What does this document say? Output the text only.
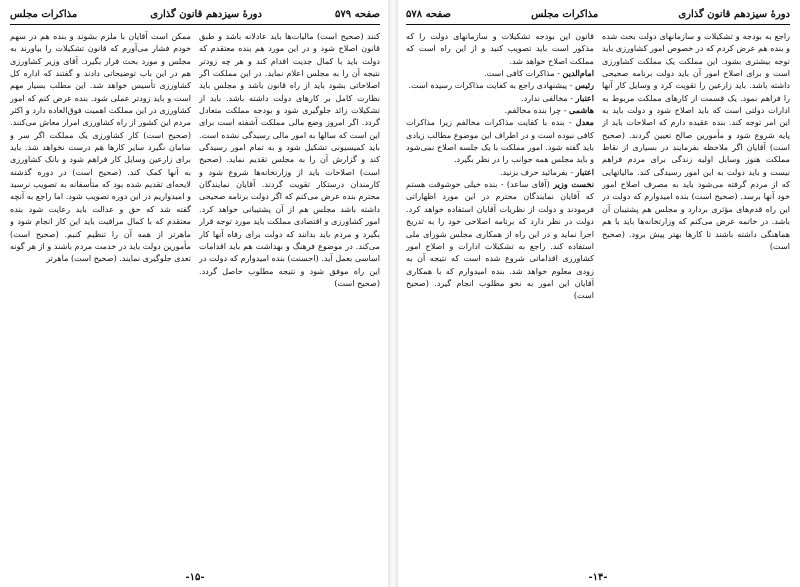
صفحه ۵۷۹
دورهٔ سیزدهم قانون گذاری
مذاکرات مجلس

کنند (صحیح است) مالیات‌ها باید عادلانه باشد و طبق قانون اصلاح شود و در این مورد هم بنده معتقدم که دولت باید با کمال جدیت اقدام کند و هر چه زودتر نتیجه آن را به مجلس اعلام نماید. در این مملکت اگر اصلاحاتی بشود باید از راه قانون باشد و مجلس باید نظارت کامل بر کارهای دولت داشته باشد. باید از تشکیلات زائد جلوگیری شود و بودجه مملکت متعادل گردد. اگر امروز وضع مالی مملکت آشفته است برای این است که سالها به امور مالی رسیدگی نشده است. باید کمیسیونی تشکیل شود و به تمام امور رسیدگی کند و گزارش آن را به مجلس تقدیم نماید. (صحیح است) اصلاحات باید از وزارتخانه‌ها شروع شود و کارمندان درستکار تقویت گردند. آقایان نمایندگان محترم بنده عرض می‌کنم که اگر دولت برنامه صحیحی داشته باشد مجلس هم از آن پشتیبانی خواهد کرد. امور کشاورزی و اقتصادی مملکت باید مورد توجه قرار بگیرد و مردم باید بدانند که دولت برای رفاه آنها کار می‌کند. در موضوع فرهنگ و بهداشت هم باید اقدامات اساسی بعمل آید. (احسنت) بنده امیدوارم که دولت در این راه موفق شود و نتیجه مطلوب حاصل گردد. (صحیح است)

ممکن است آقایان با ملزم بشوند و بنده هم در سهم خودم فشار می‌آورم که قانون تشکیلات را بیاورند به مجلس و مورد بحث قرار بگیرد. آقای وزیر کشاورزی هم در این باب توضیحاتی دادند و گفتند که اداره کل کشاورزی تأسیس خواهد شد. این مطلب بسیار مهم است و باید زودتر عملی شود. بنده عرض کنم که امور کشاورزی در این مملکت اهمیت فوق‌العاده دارد و اکثر مردم این کشور از راه کشاورزی امرار معاش می‌کنند. (صحیح است) کار کشاورزی یک مملکت اگر سر و سامان نگیرد سایر کارها هم درست نخواهد شد. باید برای زارعین وسایل کار فراهم شود و بانک کشاورزی به آنها کمک کند. (صحیح است) در دوره گذشته لایحه‌ای تقدیم شده بود که متأسفانه به تصویب نرسید و امیدواریم در این دوره تصویب شود. اما راجع به آنچه گفته شد که حق و عدالت باید رعایت شود بنده معتقدم که با کمال مراقبت باید این کار انجام شود و ماهرتر از همه آن را تنظیم کنیم. (صحیح است) مأمورین دولت باید در خدمت مردم باشند و از هر گونه تعدی جلوگیری نمایند. (صحیح است) ماهرتر

-۱۵-
دورهٔ سیزدهم قانون گذاری
مذاکرات مجلس
صفحه ۵۷۸

راجع به بودجه و تشکیلات و سازمانهای دولت بحث شده و بنده هم عرض کردم که در خصوص امور کشاورزی باید توجه بیشتری بشود. این مملکت یک مملکت کشاورزی است و برای اصلاح امور آن باید دولت برنامه صحیحی داشته باشد. باید زارعین را تقویت کرد و وسایل کار آنها را فراهم نمود. یک قسمت از کارهای مملکت مربوط به ادارات دولتی است که باید اصلاح شود و دولت باید به این امر توجه کند. بنده عقیده دارم که اصلاحات باید از پایه شروع شود و مأمورین صالح تعیین گردند. (صحیح است) آقایان اگر ملاحظه بفرمایند در بسیاری از نقاط مملکت هنوز وسایل اولیه زندگی برای مردم فراهم نیست و باید دولت به این امور رسیدگی کند. مالیاتهایی که از مردم گرفته می‌شود باید به مصرف اصلاح امور خود آنها برسد. (صحیح است) بنده امیدوارم که دولت در این راه قدم‌های مؤثری بردارد و مجلس هم پشتیبان آن باشد. در خاتمه عرض می‌کنم که وزارتخانه‌ها باید با هم هماهنگی داشته باشند تا کارها بهتر پیش برود. (صحیح است)

قانون این بودجه تشکیلات و سازمانهای دولت را که مذکور است باید تصویب کنید و از این راه است که مملکت اصلاح خواهد شد.

امام‌الدین - مذاکرات کافی است.

رئیس - پیشنهادی راجع به کفایت مذاکرات رسیده است.

اعتبار - مخالفی ندارد.

هاشمی - چرا بنده مخالفم.

معدل - بنده با کفایت مذاکرات مخالفم زیرا مذاکرات کافی نبوده است و در اطراف این موضوع مطالب زیادی باید گفته شود. امور مملکت با یک جلسه اصلاح نمی‌شود و باید مجلس همه جوانب را در نظر بگیرد.

اعتبار - بفرمائید حرف بزنید.

نخست وزیر (آقای ساعد) - بنده خیلی خوشوقت هستم که آقایان نمایندگان محترم در این مورد اظهاراتی فرمودند و دولت از نظریات آقایان استفاده خواهد کرد. دولت در نظر دارد که برنامه اصلاحی خود را به تدریج اجرا نماید و در این راه از همکاری مجلس شورای ملی استفاده کند. راجع به تشکیلات ادارات و اصلاح امور کشاورزی اقداماتی شروع شده است که نتیجه آن به زودی معلوم خواهد شد. بنده امیدوارم که با همکاری آقایان این امور به نحو مطلوب انجام گیرد. (صحیح است)

-۱۴-
